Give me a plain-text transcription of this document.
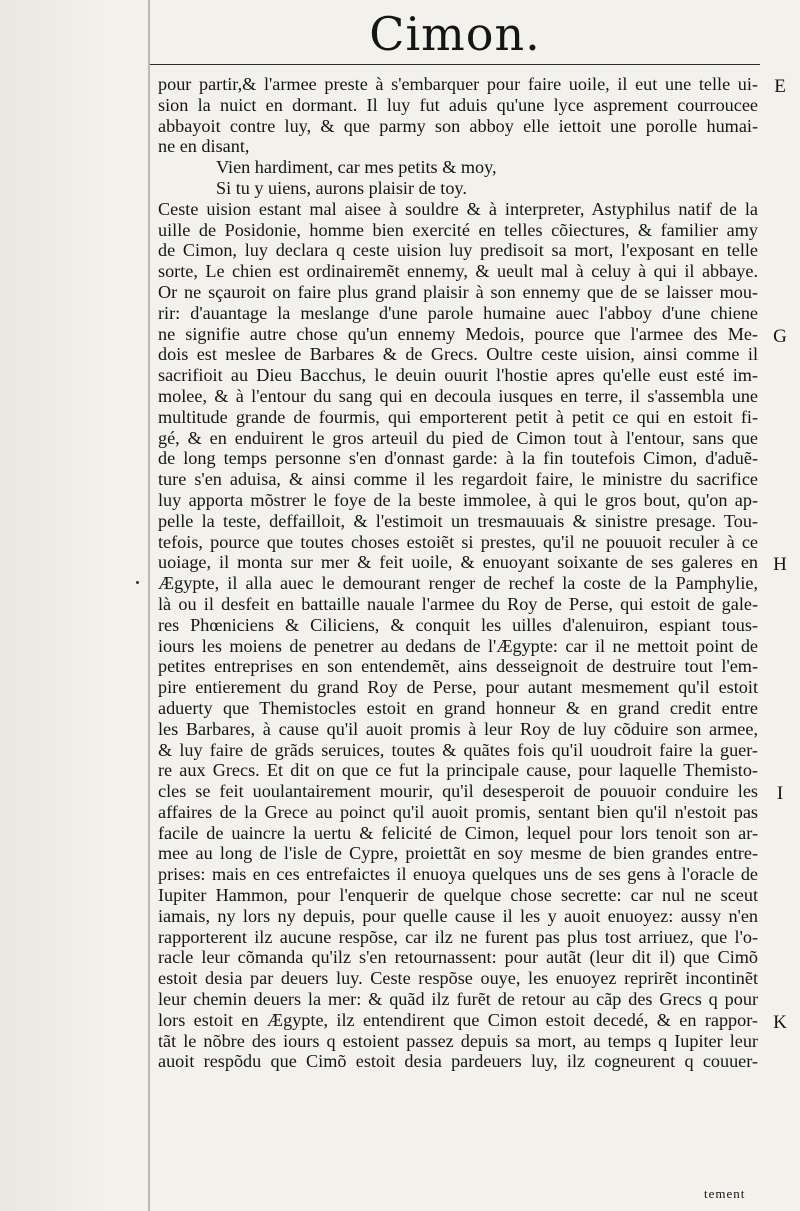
Cimon.
pour partir,& l'armee preste à s'embarquer pour faire uoile, il eut une telle ui-
sion la nuict en dormant. Il luy fut aduis qu'une lyce asprement courroucee
abbayoit contre luy, & que parmy son abboy elle iettoit une porolle humai-
ne en disant,
Vien hardiment, car mes petits & moy,
Si tu y uiens, aurons plaisir de toy.
Ceste uision estant mal aisee à souldre & à interpreter, Astyphilus natif de la
uille de Posidonie, homme bien exercité en telles cõiectures, & familier amy
de Cimon, luy declara q ceste uision luy predisoit sa mort, l'exposant en telle
sorte, Le chien est ordinairemẽt ennemy, & ueult mal à celuy à qui il abbaye.
Or ne sçauroit on faire plus grand plaisir à son ennemy que de se laisser mou-
rir: d'auantage la meslange d'une parole humaine auec l'abboy d'une chiene
ne signifie autre chose qu'un ennemy Medois, pource que l'armee des Me-
dois est meslee de Barbares & de Grecs. Oultre ceste uision, ainsi comme il
sacrifioit au Dieu Bacchus, le deuin ouurit l'hostie apres qu'elle eust esté im-
molee, & à l'entour du sang qui en decoula iusques en terre, il s'assembla une
multitude grande de fourmis, qui emporterent petit à petit ce qui en estoit fi-
gé, & en enduirent le gros arteuil du pied de Cimon tout à l'entour, sans que
de long temps personne s'en d'onnast garde: à la fin toutefois Cimon, d'aduẽ-
ture s'en aduisa, & ainsi comme il les regardoit faire, le ministre du sacrifice
luy apporta mõstrer le foye de la beste immolee, à qui le gros bout, qu'on ap-
pelle la teste, deffailloit, & l'estimoit un tresmauuais & sinistre presage. Tou-
tefois, pource que toutes choses estoiẽt si prestes, qu'il ne pouuoit reculer à ce
uoiage, il monta sur mer & feit uoile, & enuoyant soixante de ses galeres en
Ægypte, il alla auec le demourant renger de rechef la coste de la Pamphylie,
là ou il desfeit en battaille nauale l'armee du Roy de Perse, qui estoit de gale-
res Phœniciens & Ciliciens, & conquit les uilles d'alenuiron, espiant tous-
iours les moiens de penetrer au dedans de l'Ægypte: car il ne mettoit point de
petites entreprises en son entendemẽt, ains desseignoit de destruire tout l'em-
pire entierement du grand Roy de Perse, pour autant mesmement qu'il estoit
aduerty que Themistocles estoit en grand honneur & en grand credit entre
les Barbares, à cause qu'il auoit promis à leur Roy de luy cõduire son armee,
& luy faire de grãds seruices, toutes & quãtes fois qu'il uoudroit faire la guer-
re aux Grecs. Et dit on que ce fut la principale cause, pour laquelle Themisto-
cles se feit uoulantairement mourir, qu'il desesperoit de pouuoir conduire les
affaires de la Grece au poinct qu'il auoit promis, sentant bien qu'il n'estoit pas
facile de uaincre la uertu & felicité de Cimon, lequel pour lors tenoit son ar-
mee au long de l'isle de Cypre, proiettãt en soy mesme de bien grandes entre-
prises: mais en ces entrefaictes il enuoya quelques uns de ses gens à l'oracle de
Iupiter Hammon, pour l'enquerir de quelque chose secrette: car nul ne sceut
iamais, ny lors ny depuis, pour quelle cause il les y auoit enuoyez: aussy n'en
rapporterent ilz aucune respõse, car ilz ne furent pas plus tost arriuez, que l'o-
racle leur cõmanda qu'ilz s'en retournassent: pour autãt (leur dit il) que Cimõ
estoit desia par deuers luy. Ceste respõse ouye, les enuoyez reprirẽt incontinẽt
leur chemin deuers la mer: & quãd ilz furẽt de retour au cãp des Grecs q pour
lors estoit en Ægypte, ilz entendirent que Cimon estoit decedé, & en rappor-
tãt le nõbre des iours q estoient passez depuis sa mort, au temps q Iupiter leur
auoit respõdu que Cimõ estoit desia pardeuers luy, ilz cogneurent q couuer-
E
G
H
I
K
tement
